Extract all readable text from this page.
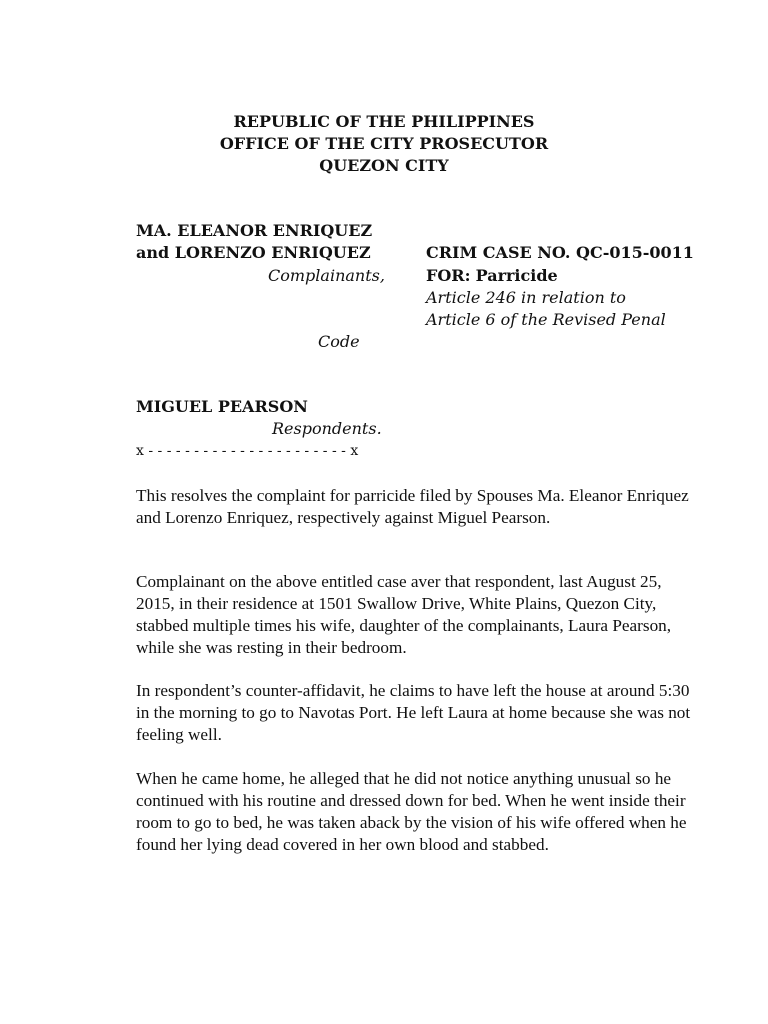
REPUBLIC OF THE PHILIPPINES
OFFICE OF THE CITY PROSECUTOR
QUEZON CITY
MA. ELEANOR ENRIQUEZ
and LORENZO ENRIQUEZ
Complainants,
CRIM CASE NO. QC-015-0011
FOR: Parricide
Article 246 in relation to
Article 6 of the Revised Penal
Code
MIGUEL PEARSON
Respondents.
x - - - - - - - - - - - - - - - - - - - - - - x

This resolves the complaint for parricide filed by Spouses Ma. Eleanor Enriquez and Lorenzo Enriquez, respectively against Miguel Pearson.

Complainant on the above entitled case aver that respondent, last August 25, 2015, in their residence at 1501 Swallow Drive, White Plains, Quezon City, stabbed multiple times his wife, daughter of the complainants, Laura Pearson, while she was resting in their bedroom.

In respondent’s counter-affidavit, he claims to have left the house at around 5:30 in the morning to go to Navotas Port. He left Laura at home because she was not feeling well.

When he came home, he alleged that he did not notice anything unusual so he continued with his routine and dressed down for bed. When he went inside their room to go to bed, he was taken aback by the vision of his wife offered when he found her lying dead covered in her own blood and stabbed.
